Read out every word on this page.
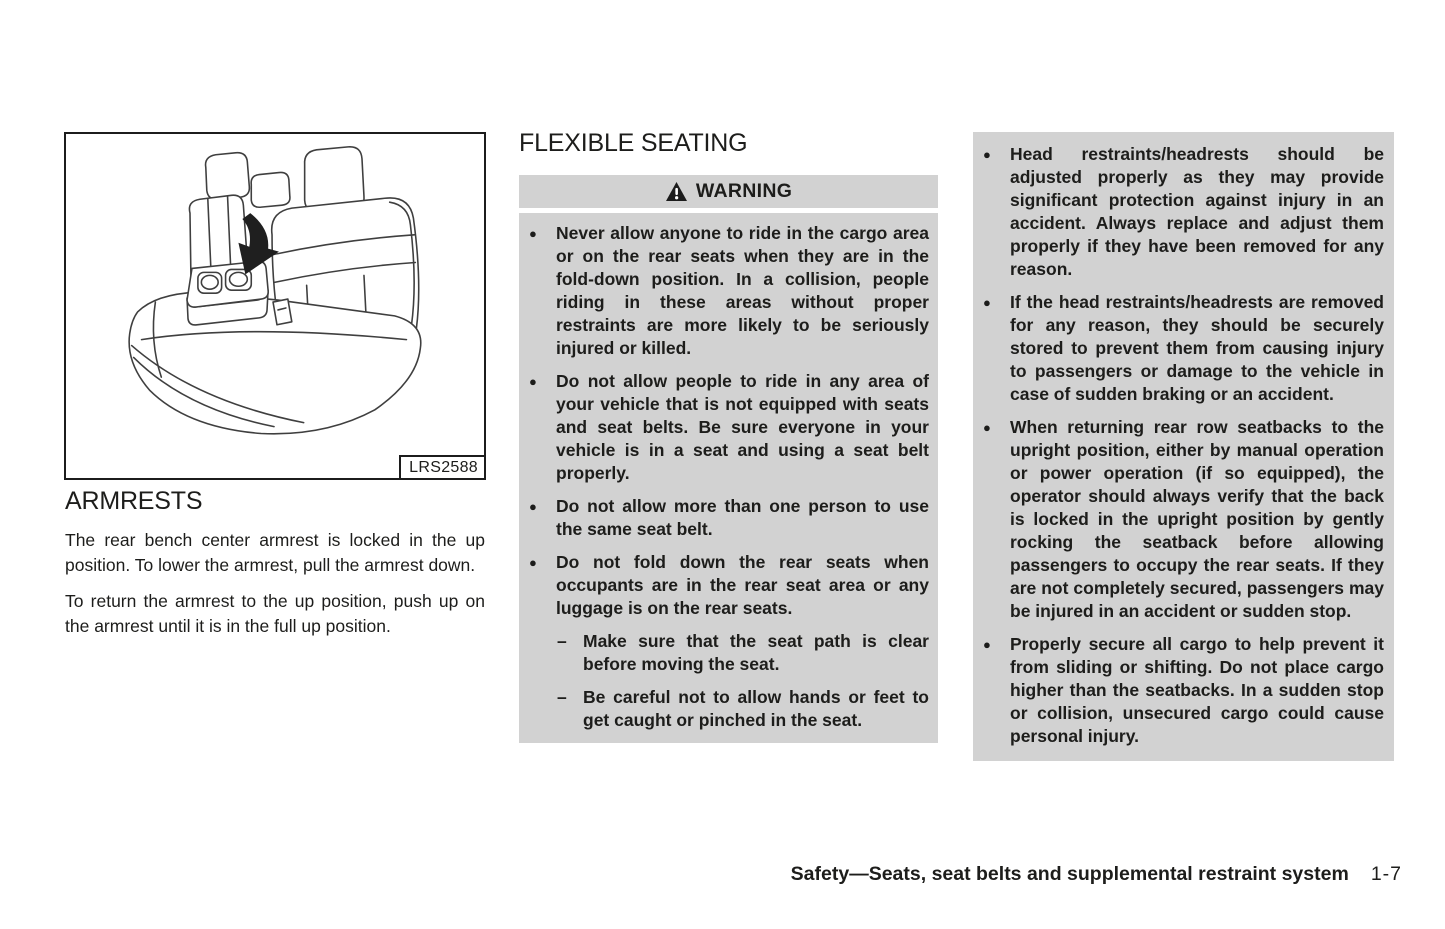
LRS2588
ARMRESTS

The rear bench center armrest is locked in the up position. To lower the armrest, pull the armrest down.

To return the armrest to the up position, push up on the armrest until it is in the full up position.

FLEXIBLE SEATING
WARNING
●	Never allow anyone to ride in the cargo area or on the rear seats when they are in the fold-down position. In a collision, people riding in these areas without proper restraints are more likely to be seriously injured or killed.
●	Do not allow people to ride in any area of your vehicle that is not equipped with seats and seat belts. Be sure everyone in your vehicle is in a seat and using a seat belt properly.
●	Do not allow more than one person to use the same seat belt.
●	Do not fold down the rear seats when occupants are in the rear seat area or any luggage is on the rear seats.
– Make sure that the seat path is clear before moving the seat.
– Be careful not to allow hands or feet to get caught or pinched in the seat.
●	Head restraints/headrests should be adjusted properly as they may provide significant protection against injury in an accident. Always replace and adjust them properly if they have been removed for any reason.
●	If the head restraints/headrests are removed for any reason, they should be securely stored to prevent them from causing injury to passengers or damage to the vehicle in case of sudden braking or an accident.
●	When returning rear row seatbacks to the upright position, either by manual operation or power operation (if so equipped), the operator should always verify that the back is locked in the upright position by gently rocking the seatback before allowing passengers to occupy the rear seats. If they are not completely secured, passengers may be injured in an accident or sudden stop.
●	Properly secure all cargo to help prevent it from sliding or shifting. Do not place cargo higher than the seatbacks. In a sudden stop or collision, unsecured cargo could cause personal injury.
Safety—Seats, seat belts and supplemental restraint system 1-7
